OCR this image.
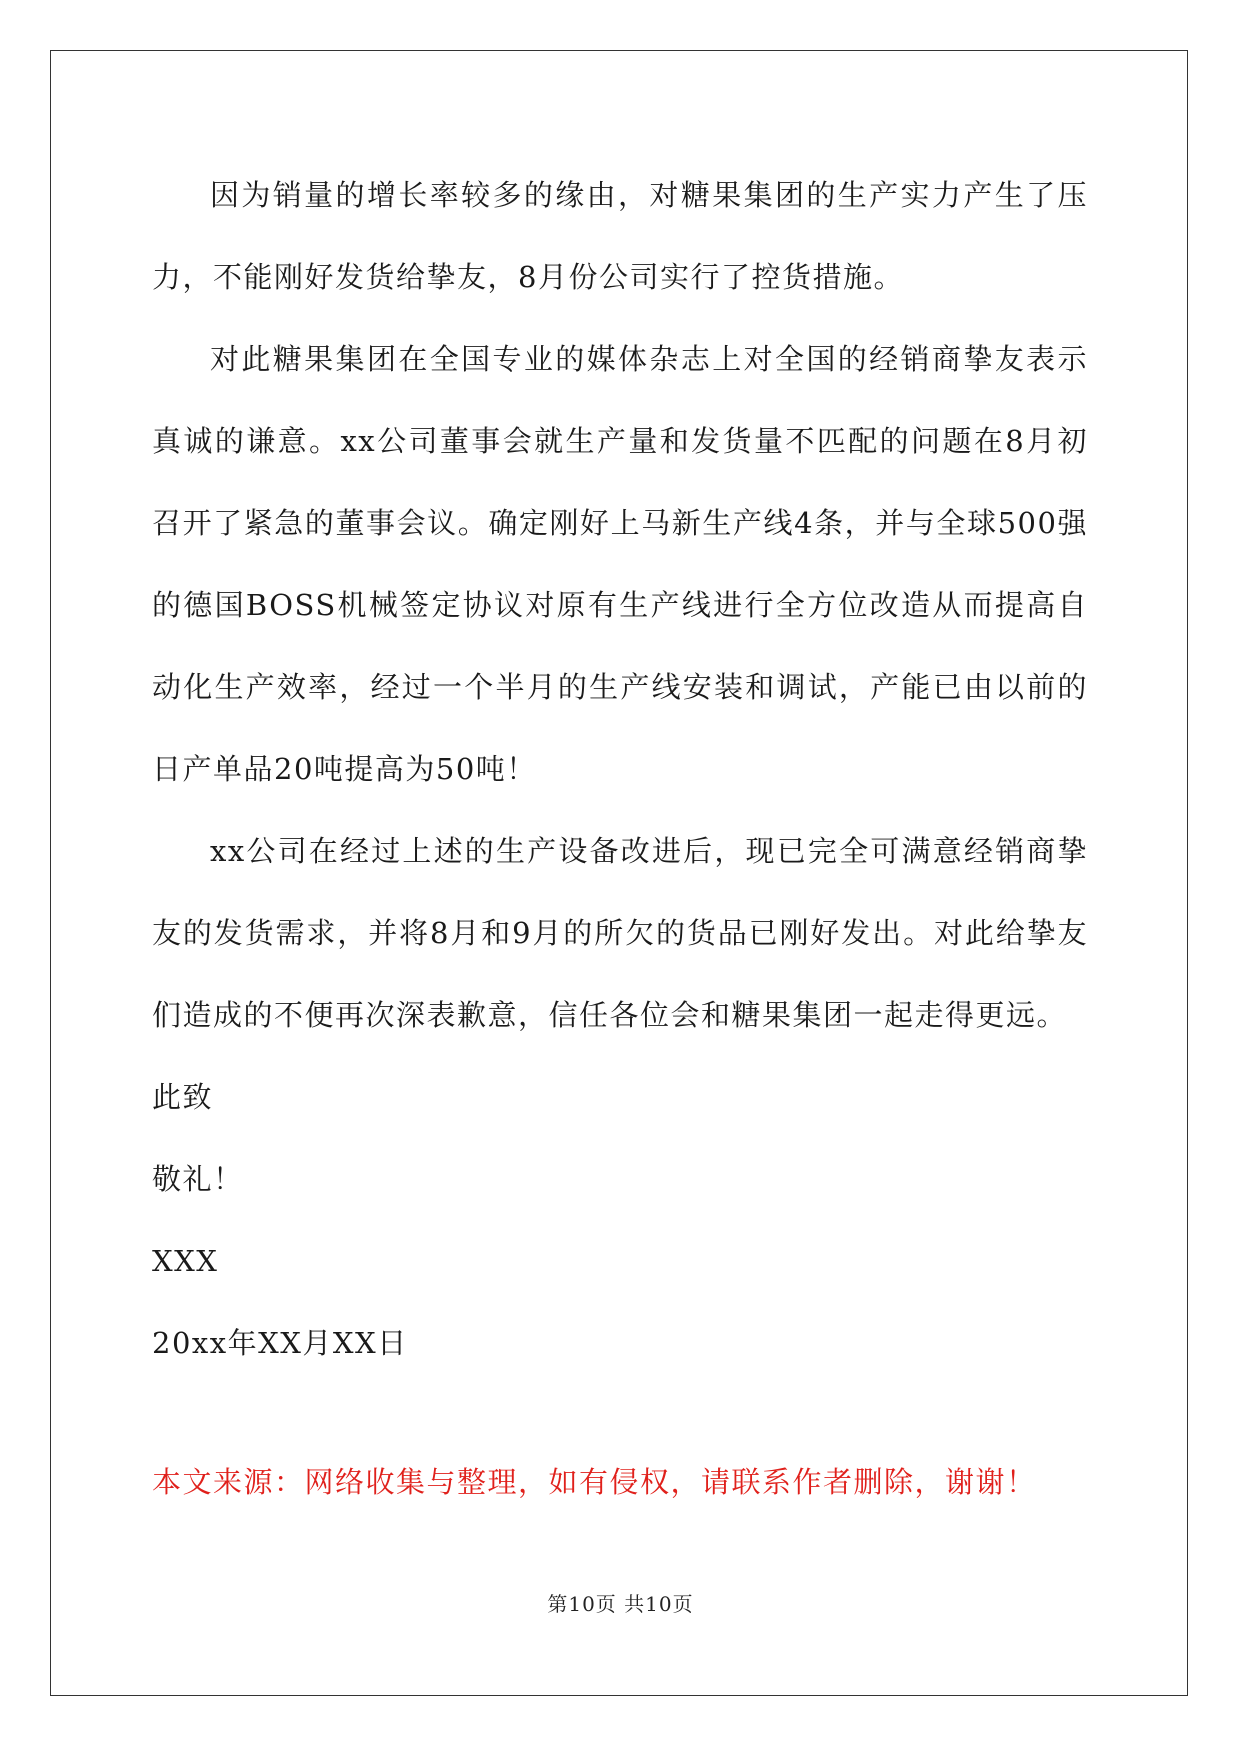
因为销量的增长率较多的缘由，对糖果集团的生产实力产生了压力，不能刚好发货给挚友，8月份公司实行了控货措施。

对此糖果集团在全国专业的媒体杂志上对全国的经销商挚友表示真诚的谦意。xx公司董事会就生产量和发货量不匹配的问题在8月初召开了紧急的董事会议。确定刚好上马新生产线4条，并与全球500强的德国BOSS机械签定协议对原有生产线进行全方位改造从而提高自动化生产效率，经过一个半月的生产线安装和调试，产能已由以前的日产单品20吨提高为50吨！

xx公司在经过上述的生产设备改进后，现已完全可满意经销商挚友的发货需求，并将8月和9月的所欠的货品已刚好发出。对此给挚友们造成的不便再次深表歉意，信任各位会和糖果集团一起走得更远。

此致

敬礼！

XXX

20xx年XX月XX日

本文来源：网络收集与整理，如有侵权，请联系作者删除，谢谢！

第10页 共10页
